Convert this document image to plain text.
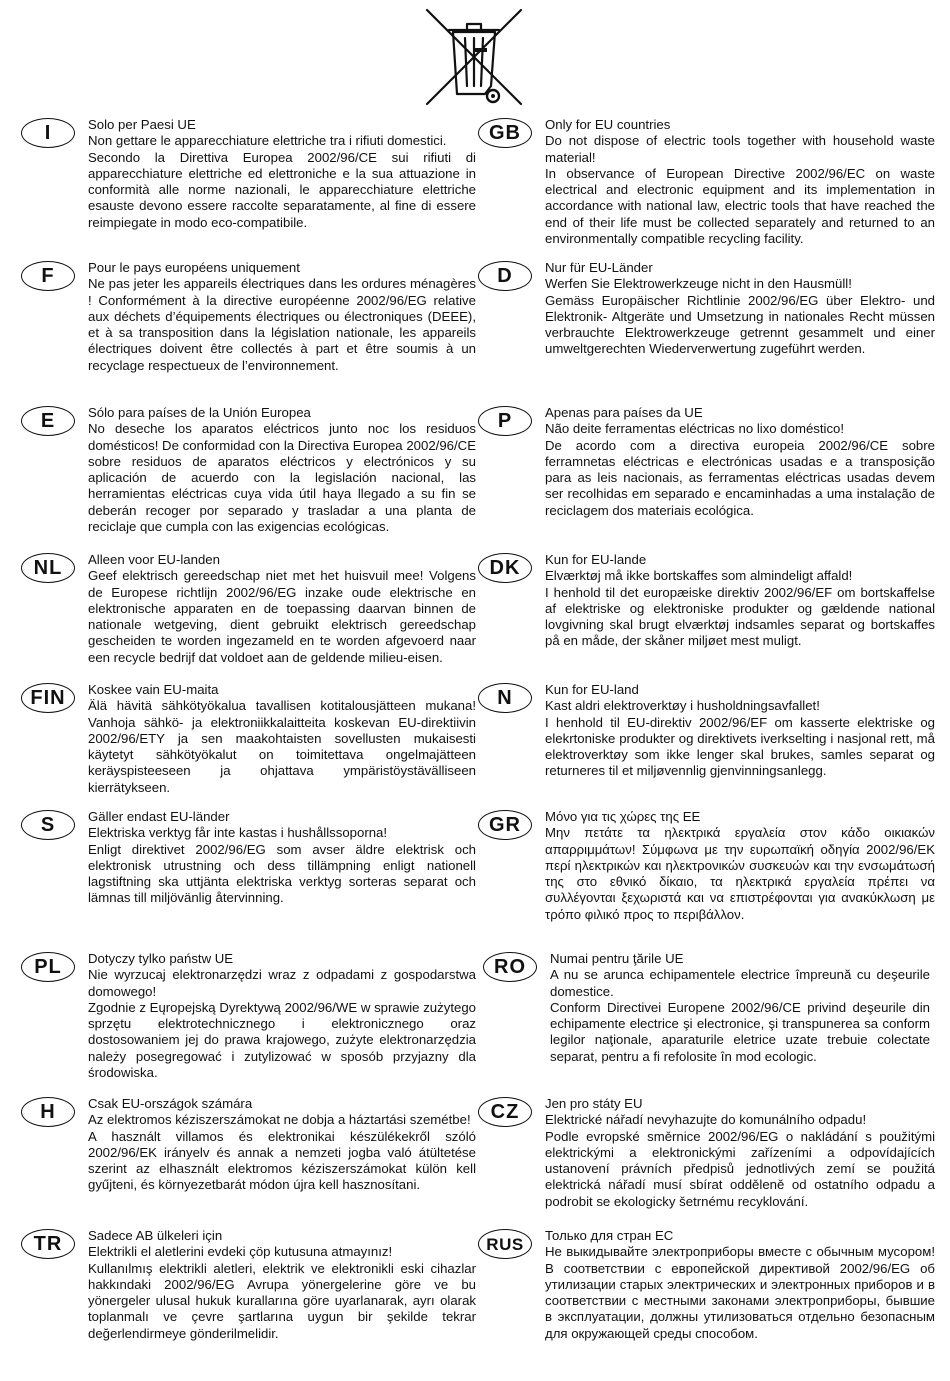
I	Solo per Paesi UE
Non gettare le apparecchiature elettriche tra i rifiuti domestici.
Secondo la Direttiva Europea 2002/96/CE sui rifiuti di apparecchiature elettriche ed elettroniche e la sua attuazione in conformità alle norme nazionali, le apparecchiature elettriche esauste devono essere raccolte separatamente, al fine di essere reimpiegate in modo eco-compatibile.
GB	Only for EU countries
Do not dispose of electric tools together with household waste material!
In observance of European Directive 2002/96/EC on waste electrical and electronic equipment and its implementation in accordance with national law, electric tools that have reached the end of their life must be collected separately and returned to an environmentally compatible recycling facility.
F	Pour le pays européens uniquement
Ne pas jeter les appareils électriques dans les ordures ménagères ! Conformément à la directive européenne 2002/96/EG relative aux déchets d’équipements électriques ou électroniques (DEEE), et à sa transposition dans la législation nationale, les appareils électriques doivent être collectés à part et être soumis à un recyclage respectueux de l’environnement.
D	Nur für EU-Länder
Werfen Sie Elektrowerkzeuge nicht in den Hausmüll!
Gemäss Europäischer Richtlinie 2002/96/EG über Elektro- und Elektronik- Altgeräte und Umsetzung in nationales Recht müssen verbrauchte Elektrowerkzeuge getrennt gesammelt und einer umweltgerechten Wiederverwertung zugeführt werden.
E	Sólo para países de la Unión Europea
No deseche los aparatos eléctricos junto noc los residuos domésticos! De conformidad con la Directiva Europea 2002/96/CE sobre residuos de aparatos eléctricos y electrónicos y su aplicación de acuerdo con la legislación nacional, las herramientas eléctricas cuya vida útil haya llegado a su fin se deberán recoger por separado y trasladar a una planta de reciclaje que cumpla con las exigencias ecológicas.
P	Apenas para países da UE
Não deite ferramentas eléctricas no lixo doméstico!
De acordo com a directiva europeia 2002/96/CE sobre ferramnetas eléctricas e electrónicas usadas e a transposição para as leis nacionais, as ferramentas eléctricas usadas devem ser recolhidas em separado e encaminhadas a uma instalação de reciclagem dos materiais ecológica.
NL	Alleen voor EU-landen
Geef elektrisch gereedschap niet met het huisvuil mee! Volgens de Europese richtlijn 2002/96/EG inzake oude elektrische en elektronische apparaten en de toepassing daarvan binnen de nationale wetgeving, dient gebruikt elektrisch gereedschap gescheiden te worden ingezameld en te worden afgevoerd naar een recycle bedrijf dat voldoet aan de geldende milieu-eisen.
DK	Kun for EU-lande
Elværktøj må ikke bortskaffes som almindeligt affald!
I henhold til det europæiske direktiv 2002/96/EF om bortskaffelse af elektriske og elektroniske produkter og gældende national lovgivning skal brugt elværktøj indsamles separat og bortskaffes på en måde, der skåner miljøet mest muligt.
FIN	Koskee vain EU-maita
Älä hävitä sähkötyökalua tavallisen kotitalousjätteen mukana! Vanhoja sähkö- ja elektroniikkalaitteita koskevan EU-direktiivin 2002/96/ETY ja sen maakohtaisten sovellusten mukaisesti käytetyt sähkötyökalut on toimitettava ongelmajätteen keräyspisteeseen ja ohjattava ympäristöystävälliseen kierrätykseen.
N	Kun for EU-land
Kast aldri elektroverktøy i husholdningsavfallet!
I henhold til EU-direktiv 2002/96/EF om kasserte elektriske og elekrtoniske produkter og direktivets iverkselting i nasjonal rett, må elektroverktøy som ikke lenger skal brukes, samles separat og returneres til et miljøvennlig gjenvinningsanlegg.
S	Gäller endast EU-länder
Elektriska verktyg får inte kastas i hushållssoporna!
Enligt direktivet 2002/96/EG som avser äldre elektrisk och elektronisk utrustning och dess tillämpning enligt nationell lagstiftning ska uttjänta elektriska verktyg sorteras separat och lämnas till miljövänlig återvinning.
GR	Μόνο για τις χώρες της ΕΕ
Μην πετάτε τα ηλεκτρικά εργαλεία στον κάδο οικιακών απαρριμμάτων! Σύμφωνα με την ευρωπαϊκή οδηγία 2002/96/ΕΚ περί ηλεκτρικών και ηλεκτρονικών συσκευών και την ενσωμάτωσή της στο εθνικό δίκαιο, τα ηλεκτρικά εργαλεία πρέπει να συλλέγονται ξεχωριστά και να επιστρέφονται για ανακύκλωση με τρόπο φιλικό προς το περιβάλλον.
PL	Dotyczy tylko państw UE
Nie wyrzucaj elektronarzędzi wraz z odpadami z gospodarstwa domowego!
Zgodnie z Eųropejską Dyrektywą 2002/96/WE w sprawie zużytego sprzętu elektrotechnicznego i elektronicznego oraz dostosowaniem jej do prawa krajowego, zużyte elektronarzędzia należy posegregować i zutylizować w sposób przyjazny dla środowiska.
RO	Numai pentru ţările UE
A nu se arunca echipamentele electrice împreună cu deşeurile domestice.
Conform Directivei Europene 2002/96/CE privind deşeurile din echipamente electrice şi electronice, şi transpunerea sa conform legilor naţionale, aparaturile eletrice uzate trebuie colectate separat, pentru a fi refolosite în mod ecologic.
H	Csak EU-országok számára
Az elektromos kéziszerszámokat ne dobja a háztartási szemétbe!
A használt villamos és elektronikai készülékekről szóló 2002/96/EK irányelv és annak a nemzeti jogba való átültetése szerint az elhasznált elektromos kéziszerszámokat külön kell gyűjteni, és környezetbarát módon újra kell hasznosítani.
CZ	Jen pro státy EU
Elektrické nářadí nevyhazujte do komunálního odpadu!
Podle evropské směrnice 2002/96/EG o nakládání s použitými elektrickými a elektronickými zařízeními a odpovídajících ustanovení právních předpisů jednotlivých zemí se použitá elektrická nářadí musí sbírat odděleně od ostatního odpadu a podrobit se ekologicky šetrnému recyklování.
TR	Sadece AB ülkeleri için
Elektrikli el aletlerini evdeki çöp kutusuna atmayınız!
Kullanılmış elektrikli aletleri, elektrik ve elektronikli eski cihazlar hakkındaki 2002/96/EG Avrupa yönergelerine göre ve bu yönergeler ulusal hukuk kurallarına göre uyarlanarak, ayrı olarak toplanmalı ve çevre şartlarına uygun bir şekilde tekrar değerlendirmeye gönderilmelidir.
RUS	Только для стран ЕС
Не выкидывайте электроприборы вместе с обычным мусором! В соответствии с европейской директивой 2002/96/EG об утилизации старых электрических и электронных приборов и в соответствии с местными законами электроприборы, бывшие в эксплуатации, должны утилизоваться отдельно безопасным для окружающей среды способом.
